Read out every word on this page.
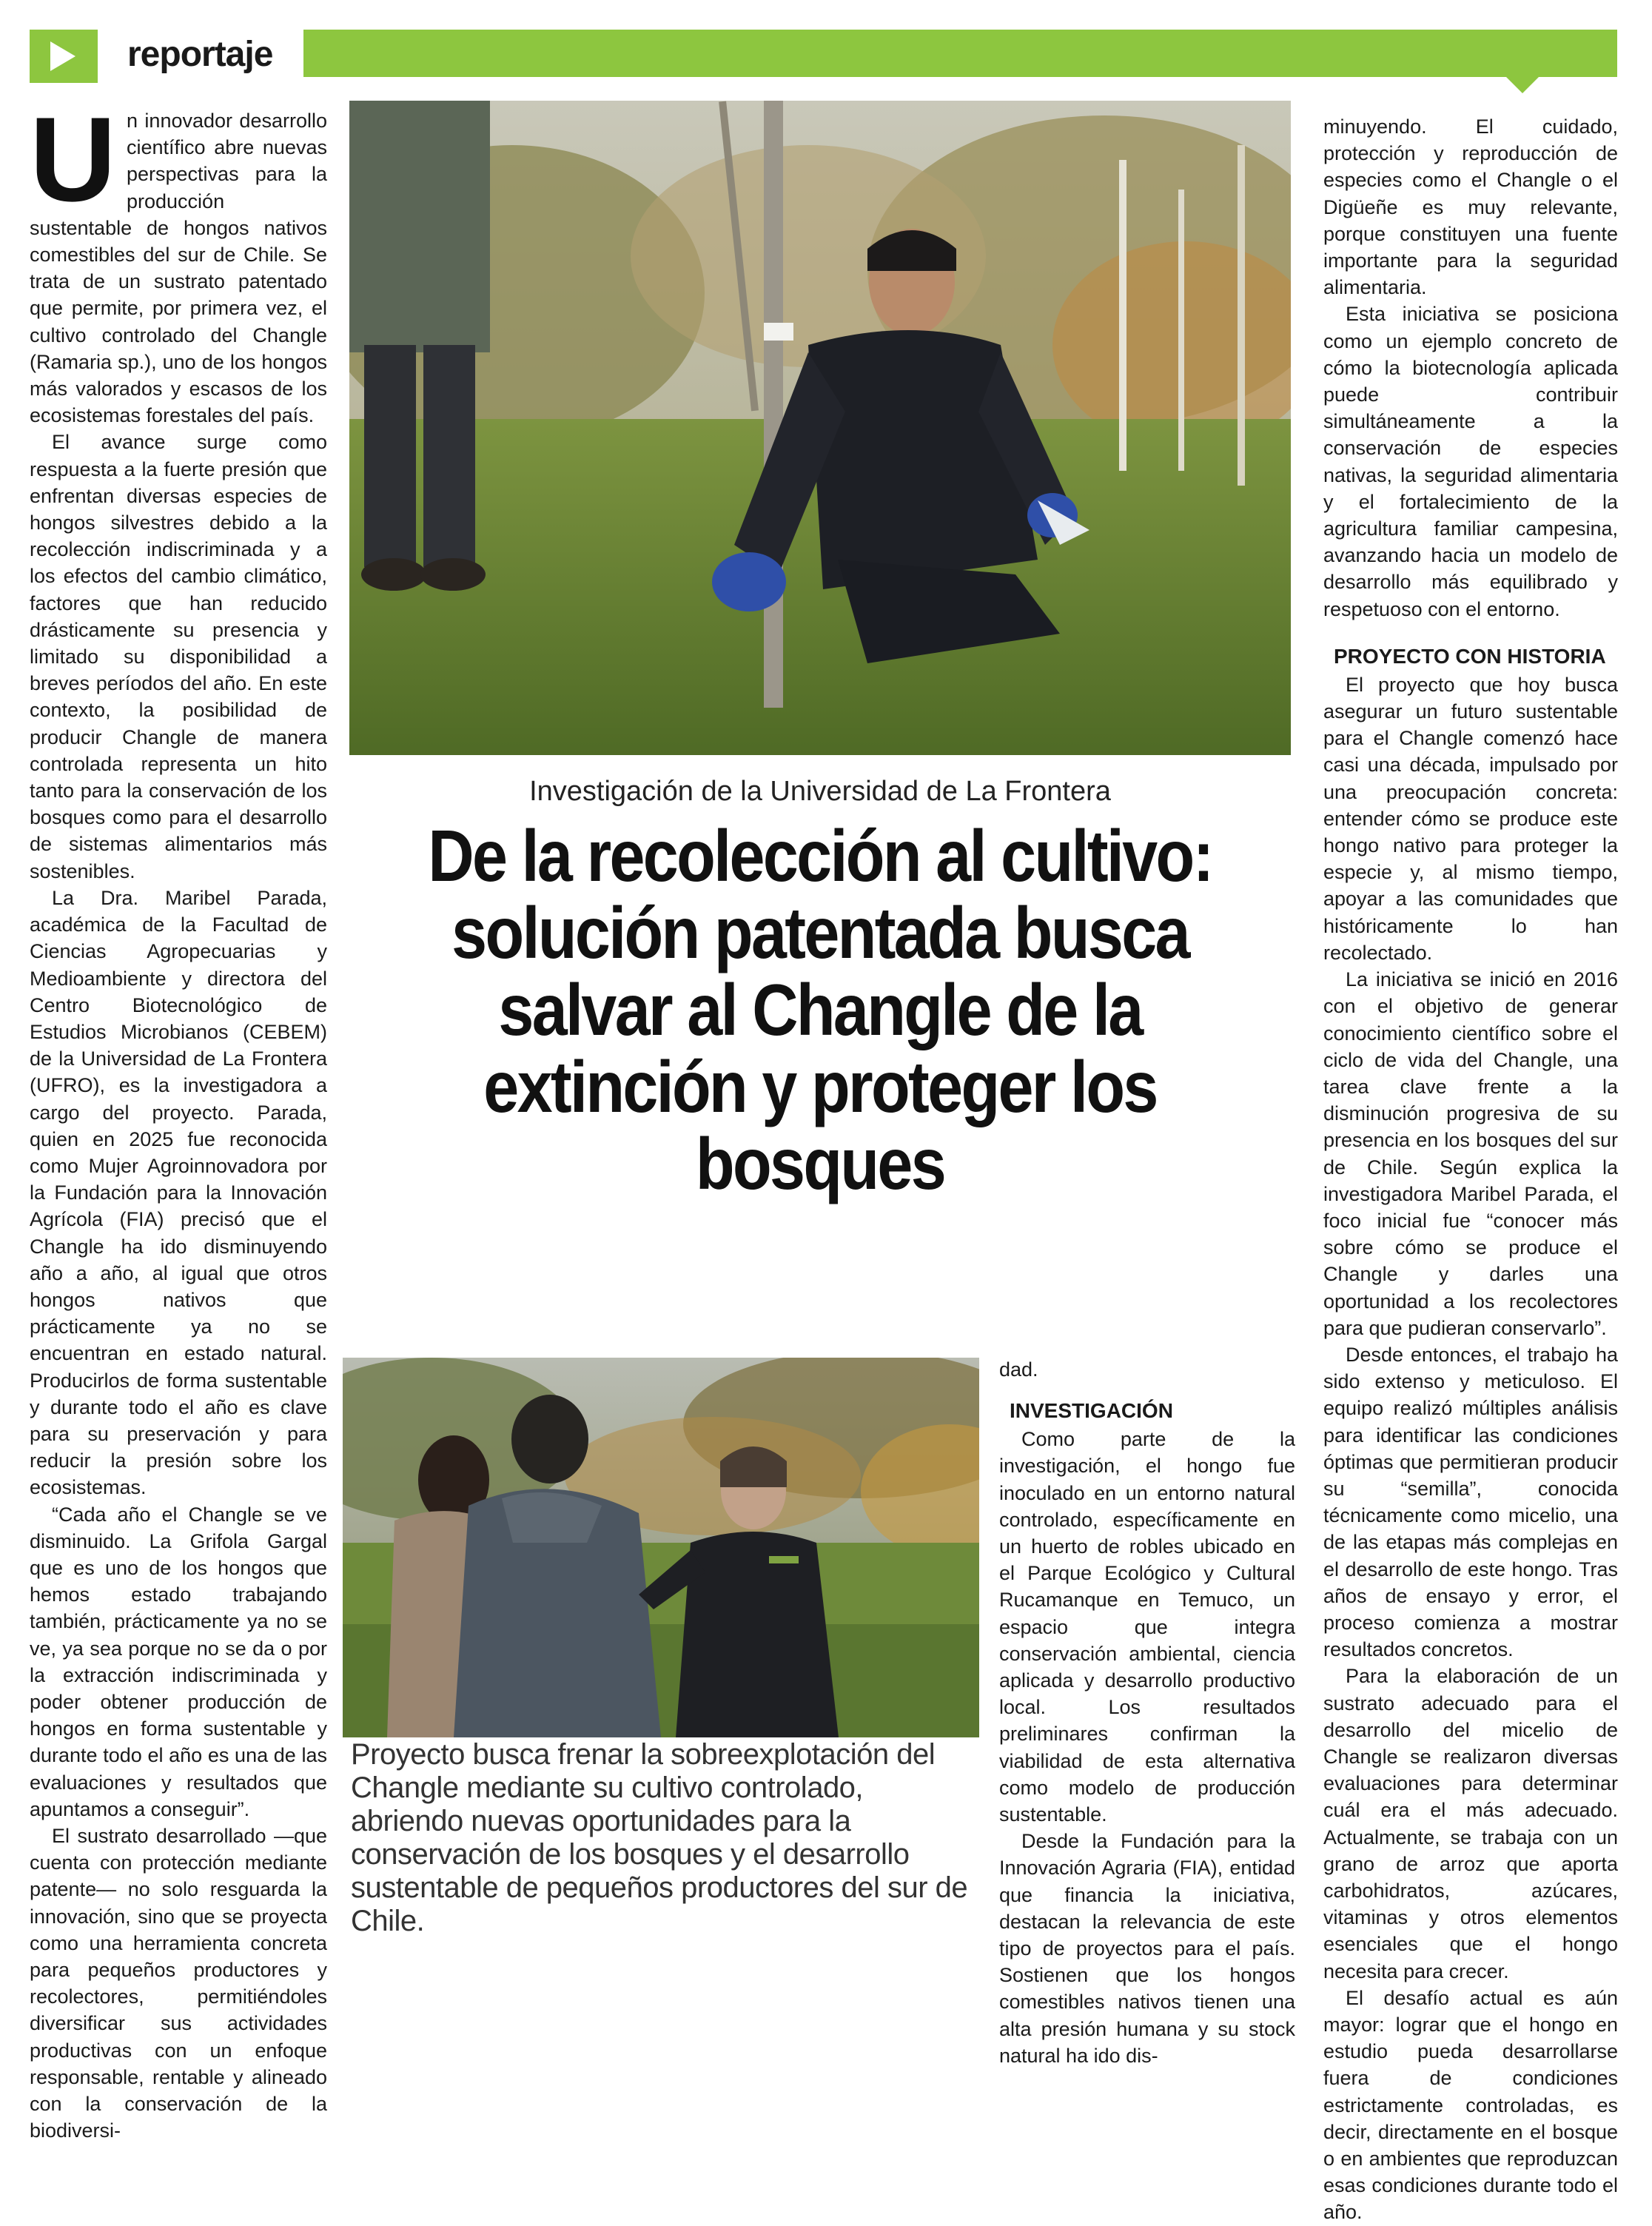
reportaje

Un innovador desarrollo científico abre nuevas perspectivas para la producción sustentable de hongos nativos comestibles del sur de Chile. Se trata de un sustrato patentado que permite, por primera vez, el cultivo controlado del Changle (Ramaria sp.), uno de los hongos más valorados y escasos de los ecosistemas forestales del país.

El avance surge como respuesta a la fuerte presión que enfrentan diversas especies de hongos silvestres debido a la recolección indiscriminada y a los efectos del cambio climático, factores que han reducido drásticamente su presencia y limitado su disponibilidad a breves períodos del año. En este contexto, la posibilidad de producir Changle de manera controlada representa un hito tanto para la conservación de los bosques como para el desarrollo de sistemas alimentarios más sostenibles.

La Dra. Maribel Parada, académica de la Facultad de Ciencias Agropecuarias y Medioambiente y directora del Centro Biotecnológico de Estudios Microbianos (CEBEM) de la Universidad de La Frontera (UFRO), es la investigadora a cargo del proyecto. Parada, quien en 2025 fue reconocida como Mujer Agroinnovadora por la Fundación para la Innovación Agrícola (FIA) precisó que el Changle ha ido disminuyendo año a año, al igual que otros hongos nativos que prácticamente ya no se encuentran en estado natural. Producirlos de forma sustentable y durante todo el año es clave para su preservación y para reducir la presión sobre los ecosistemas.

“Cada año el Changle se ve disminuido. La Grifola Gargal que es uno de los hongos que hemos estado trabajando también, prácticamente ya no se ve, ya sea porque no se da o por la extracción indiscriminada y poder obtener producción de hongos en forma sustentable y durante todo el año es una de las evaluaciones y resultados que apuntamos a conseguir”.

El sustrato desarrollado —que cuenta con protección mediante patente— no solo resguarda la innovación, sino que se proyecta como una herramienta concreta para pequeños productores y recolectores, permitiéndoles diversificar sus actividades productivas con un enfoque responsable, rentable y alineado con la conservación de la biodiversi-

Investigación de la Universidad de La Frontera
De la recolección al cultivo: solución patentada busca salvar al Changle de la extinción y proteger los bosques
Proyecto busca frenar la sobreexplotación del Changle mediante su cultivo controlado, abriendo nuevas oportunidades para la conservación de los bosques y el desarrollo sustentable de pequeños productores del sur de Chile.

dad.

INVESTIGACIÓN

Como parte de la investigación, el hongo fue inoculado en un entorno natural controlado, específicamente en un huerto de robles ubicado en el Parque Ecológico y Cultural Rucamanque en Temuco, un espacio que integra conservación ambiental, ciencia aplicada y desarrollo productivo local. Los resultados preliminares confirman la viabilidad de esta alternativa como modelo de producción sustentable.

Desde la Fundación para la Innovación Agraria (FIA), entidad que financia la iniciativa, destacan la relevancia de este tipo de proyectos para el país. Sostienen que los hongos comestibles nativos tienen una alta presión humana y su stock natural ha ido dis-

minuyendo. El cuidado, protección y reproducción de especies como el Changle o el Digüeñe es muy relevante, porque constituyen una fuente importante para la seguridad alimentaria.

Esta iniciativa se posiciona como un ejemplo concreto de cómo la biotecnología aplicada puede contribuir simultáneamente a la conservación de especies nativas, la seguridad alimentaria y el fortalecimiento de la agricultura familiar campesina, avanzando hacia un modelo de desarrollo más equilibrado y respetuoso con el entorno.

PROYECTO CON HISTORIA

El proyecto que hoy busca asegurar un futuro sustentable para el Changle comenzó hace casi una década, impulsado por una preocupación concreta: entender cómo se produce este hongo nativo para proteger la especie y, al mismo tiempo, apoyar a las comunidades que históricamente lo han recolectado.

La iniciativa se inició en 2016 con el objetivo de generar conocimiento científico sobre el ciclo de vida del Changle, una tarea clave frente a la disminución progresiva de su presencia en los bosques del sur de Chile. Según explica la investigadora Maribel Parada, el foco inicial fue “conocer más sobre cómo se produce el Changle y darles una oportunidad a los recolectores para que pudieran conservarlo”.

Desde entonces, el trabajo ha sido extenso y meticuloso. El equipo realizó múltiples análisis para identificar las condiciones óptimas que permitieran producir su “semilla”, conocida técnicamente como micelio, una de las etapas más complejas en el desarrollo de este hongo. Tras años de ensayo y error, el proceso comienza a mostrar resultados concretos.

Para la elaboración de un sustrato adecuado para el desarrollo del micelio de Changle se realizaron diversas evaluaciones para determinar cuál era el más adecuado. Actualmente, se trabaja con un grano de arroz que aporta carbohidratos, azúcares, vitaminas y otros elementos esenciales que el hongo necesita para crecer.

El desafío actual es aún mayor: lograr que el hongo en estudio pueda desarrollarse fuera de condiciones estrictamente controladas, es decir, directamente en el bosque o en ambientes que reproduzcan esas condiciones durante todo el año.
